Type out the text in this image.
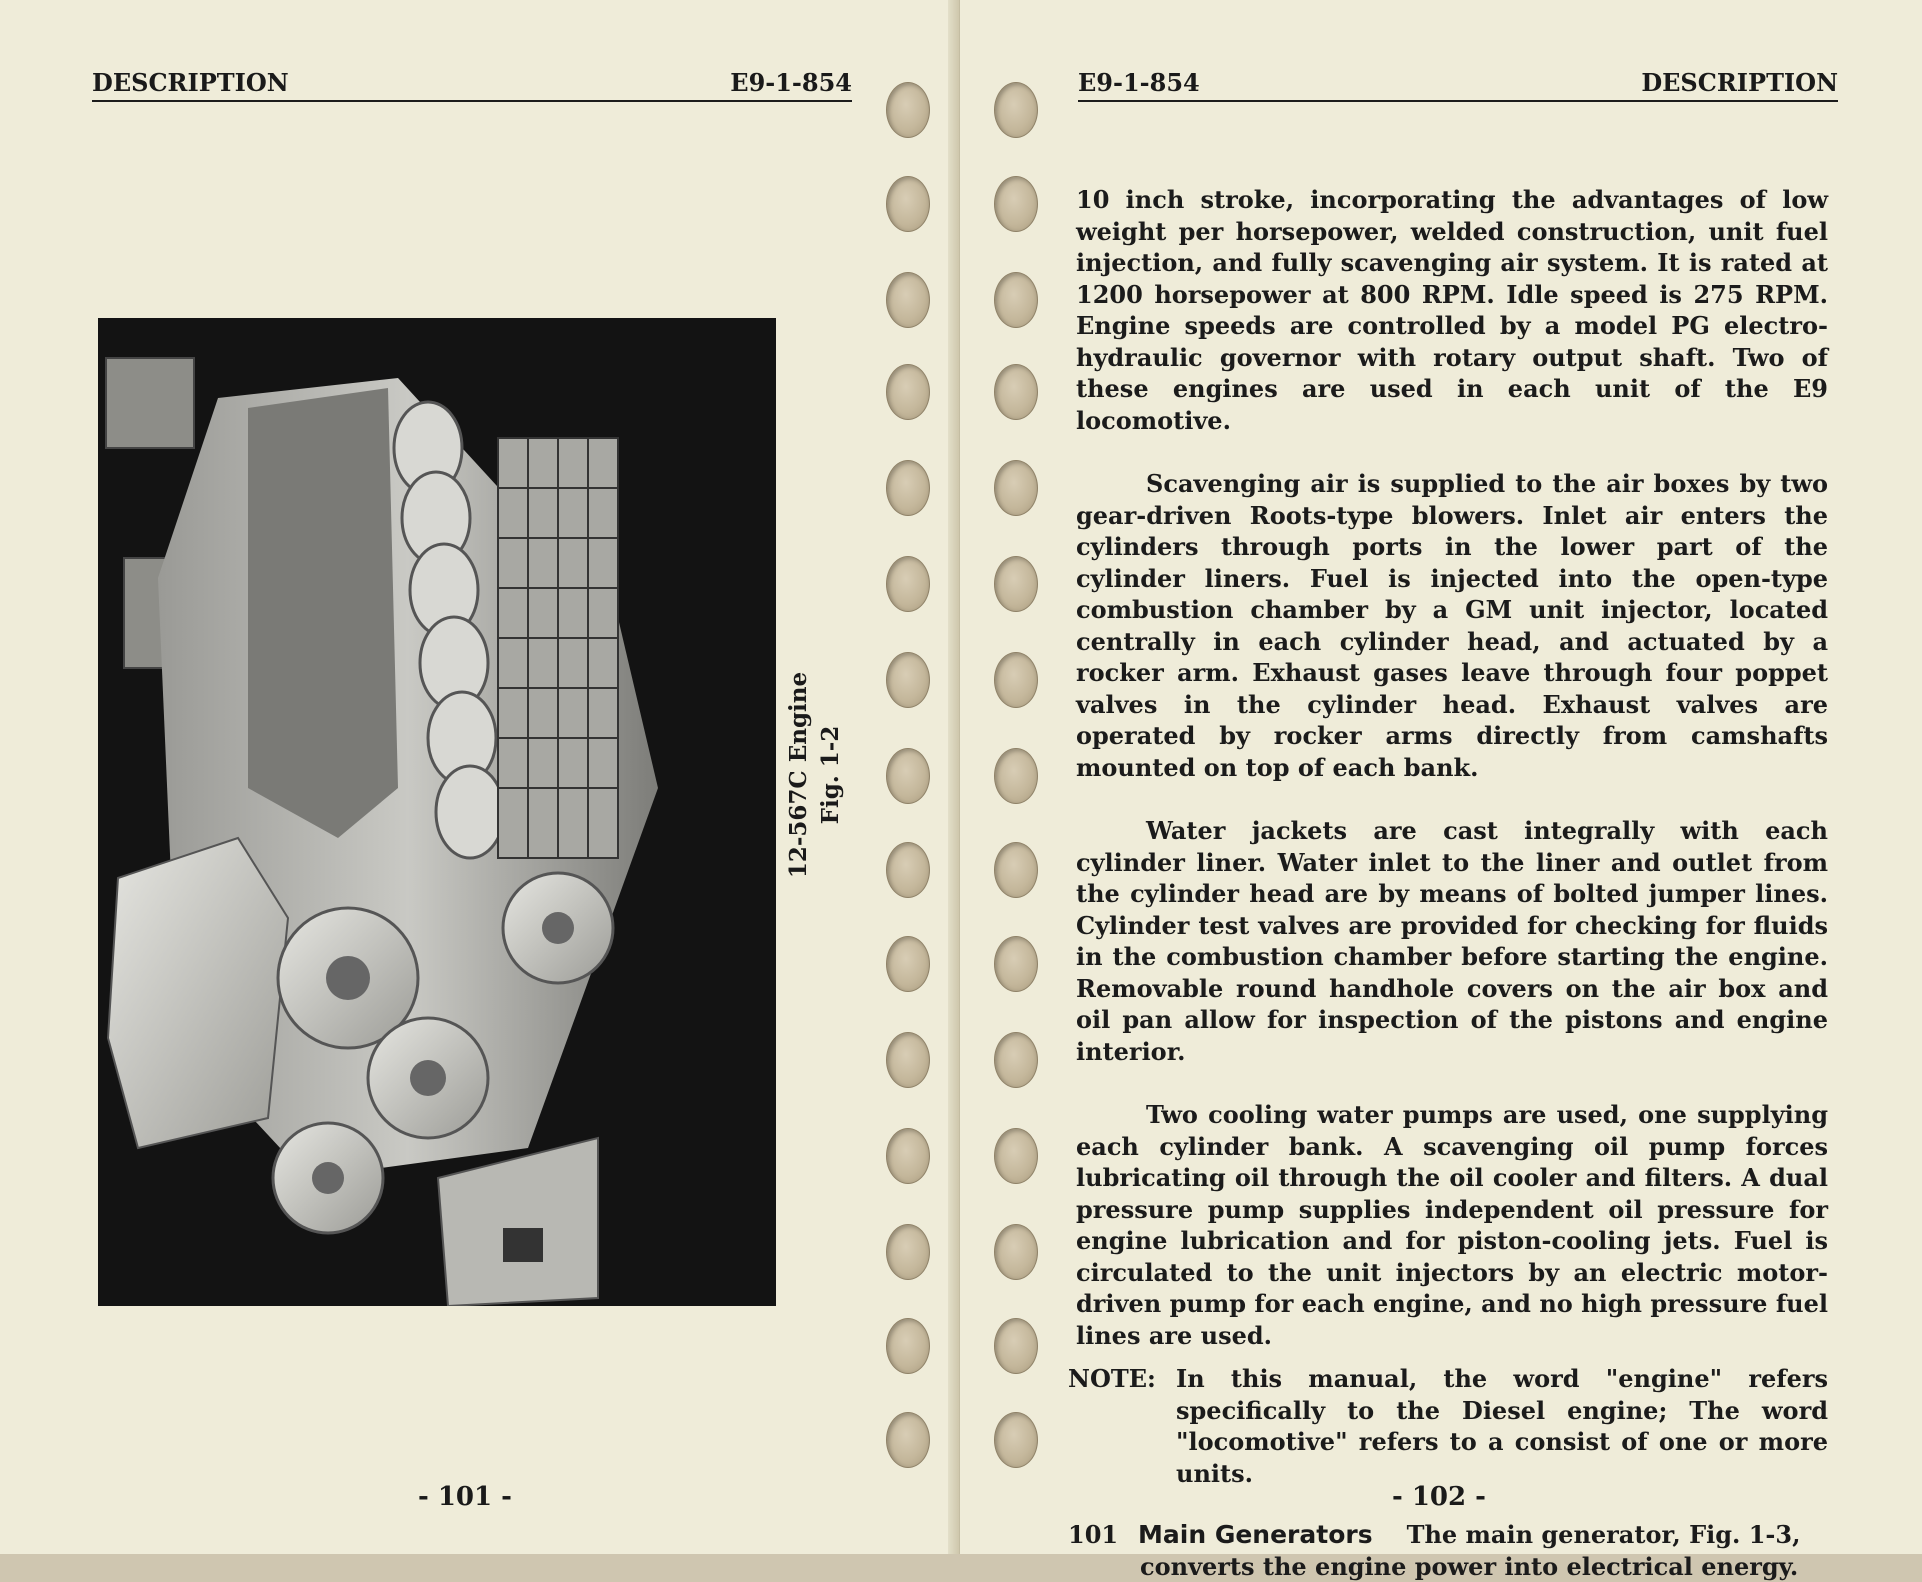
DESCRIPTION	E9-1-854
12-567C Engine Fig. 1-2
- 101 -
E9-1-854	DESCRIPTION

10 inch stroke, incorporating the advantages of low weight per horsepower, welded construction, unit fuel injection, and fully scavenging air system. It is rated at 1200 horsepower at 800 RPM. Idle speed is 275 RPM. Engine speeds are controlled by a model PG electro-hydraulic governor with rotary output shaft. Two of these engines are used in each unit of the E9 locomotive.

Scavenging air is supplied to the air boxes by two gear-driven Roots-type blowers. Inlet air enters the cylinders through ports in the lower part of the cylinder liners. Fuel is injected into the open-type combustion chamber by a GM unit injector, located centrally in each cylinder head, and actuated by a rocker arm. Exhaust gases leave through four poppet valves in the cylinder head. Exhaust valves are operated by rocker arms directly from camshafts mounted on top of each bank.

Water jackets are cast integrally with each cylinder liner. Water inlet to the liner and outlet from the cylinder head are by means of bolted jumper lines. Cylinder test valves are provided for checking for fluids in the combustion chamber before starting the engine. Removable round handhole covers on the air box and oil pan allow for inspection of the pistons and engine interior.

Two cooling water pumps are used, one supplying each cylinder bank. A scavenging oil pump forces lubricating oil through the oil cooler and filters. A dual pressure pump supplies independent oil pressure for engine lubrication and for piston-cooling jets. Fuel is circulated to the unit injectors by an electric motor-driven pump for each engine, and no high pressure fuel lines are used.

NOTE: In this manual, the word "engine" refers specifically to the Diesel engine; The word "locomotive" refers to a consist of one or more units.
101 Main Generators The main generator, Fig. 1-3,
converts the engine power into electrical energy.
- 102 -
